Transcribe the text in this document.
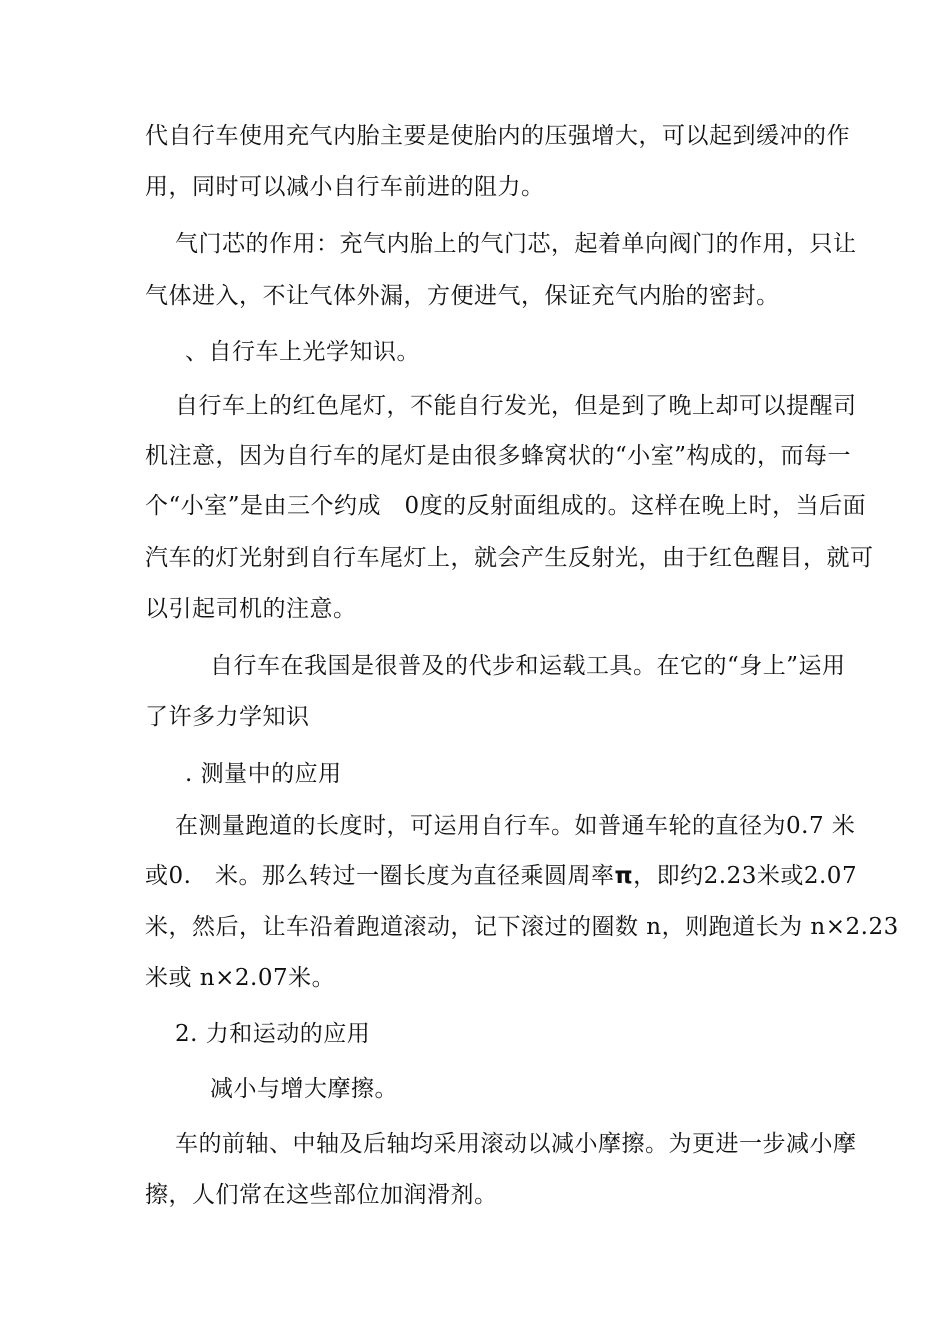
代自行车使用充气内胎主要是使胎内的压强增大，可以起到缓冲的作
用，同时可以减小自行车前进的阻力。
气门芯的作用：充气内胎上的气门芯，起着单向阀门的作用，只让
气体进入，不让气体外漏，方便进气，保证充气内胎的密封。
、自行车上光学知识。
自行车上的红色尾灯，不能自行发光，但是到了晚上却可以提醒司
机注意，因为自行车的尾灯是由很多蜂窝状的“小室”构成的，而每一
个“小室”是由三个约成　0度的反射面组成的。这样在晚上时，当后面
汽车的灯光射到自行车尾灯上，就会产生反射光，由于红色醒目，就可
以引起司机的注意。
自行车在我国是很普及的代步和运载工具。在它的“身上”运用
了许多力学知识
. 测量中的应用
在测量跑道的长度时，可运用自行车。如普通车轮的直径为0.7 米
或0.　米。那么转过一圈长度为直径乘圆周率π，即约2.23米或2.07
米，然后，让车沿着跑道滚动，记下滚过的圈数 n，则跑道长为 n×2.23
米或 n×2.07米。
2. 力和运动的应用
减小与增大摩擦。
车的前轴、中轴及后轴均采用滚动以减小摩擦。为更进一步减小摩
擦，人们常在这些部位加润滑剂。
